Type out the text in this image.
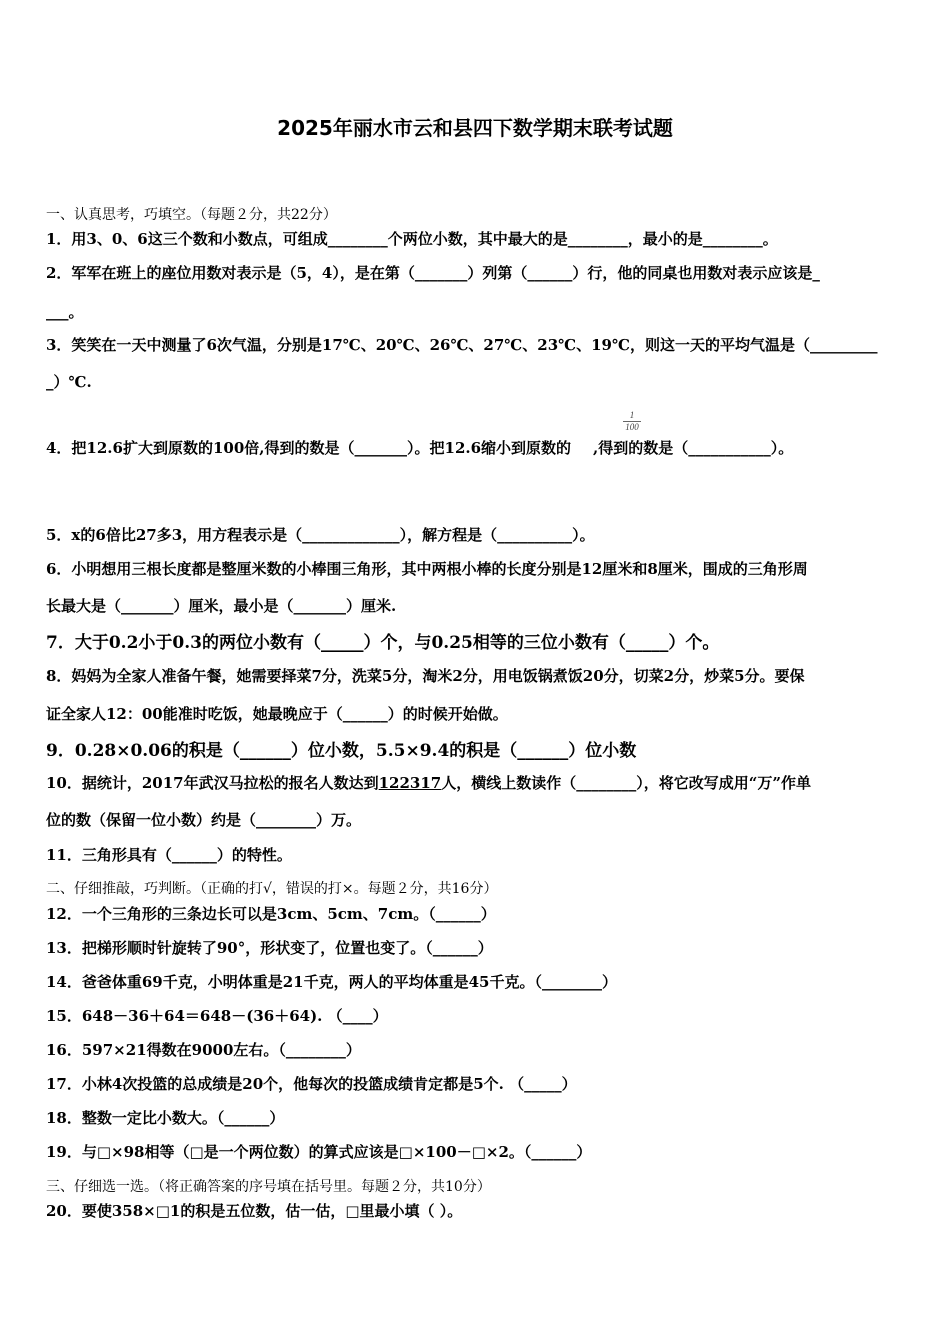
2025年丽水市云和县四下数学期末联考试题
一、认真思考，巧填空。（每题２分，共22分）
1．用3、0、6这三个数和小数点，可组成________个两位小数，其中最大的是________，最小的是________。
2．军军在班上的座位用数对表示是（5，4），是在第（_______）列第（______）行，他的同桌也用数对表示应该是_
___。
3．笑笑在一天中测量了6次气温，分别是17℃、20℃、26℃、27℃、23℃、19℃，则这一天的平均气温是（_________
_）℃.
4．把12.6扩大到原数的100倍,得到的数是（_______）。把12.6缩小到原数的 ,得到的数是（___________）。
1
100
5．x的6倍比27多3，用方程表示是（_____________），解方程是（__________）。
6．小明想用三根长度都是整厘米数的小棒围三角形，其中两根小棒的长度分别是12厘米和8厘米，围成的三角形周
长最大是（_______）厘米，最小是（_______）厘米.
7．大于0.2小于0.3的两位小数有（_____）个，与0.25相等的三位小数有（_____）个。
8．妈妈为全家人准备午餐，她需要择菜7分，洗菜5分，淘米2分，用电饭锅煮饭20分，切菜2分，炒菜5分。要保
证全家人12：00能准时吃饭，她最晚应于（______）的时候开始做。
9．0.28×0.06的积是（______）位小数，5.5×9.4的积是（______）位小数
10．据统计，2017年武汉马拉松的报名人数达到122317人，横线上数读作（________），将它改写成用“万”作单
位的数（保留一位小数）约是（________）万。
11．三角形具有（______）的特性。
二、仔细推敲，巧判断。（正确的打√，错误的打×。每题２分，共16分）
12．一个三角形的三条边长可以是3cm、5cm、7cm。（______）
13．把梯形顺时针旋转了90°，形状变了，位置也变了。（______）
14．爸爸体重69千克，小明体重是21千克，两人的平均体重是45千克。（________）
15．648－36＋64＝648－(36＋64). （____）
16．597×21得数在9000左右。（________）
17．小林4次投篮的总成绩是20个，他每次的投篮成绩肯定都是5个. （_____）
18．整数一定比小数大。（______）
19．与□×98相等（□是一个两位数）的算式应该是□×100－□×2。（______）
三、仔细选一选。（将正确答案的序号填在括号里。每题２分，共10分）
20．要使358×□1的积是五位数，估一估，□里最小填（ ）。
